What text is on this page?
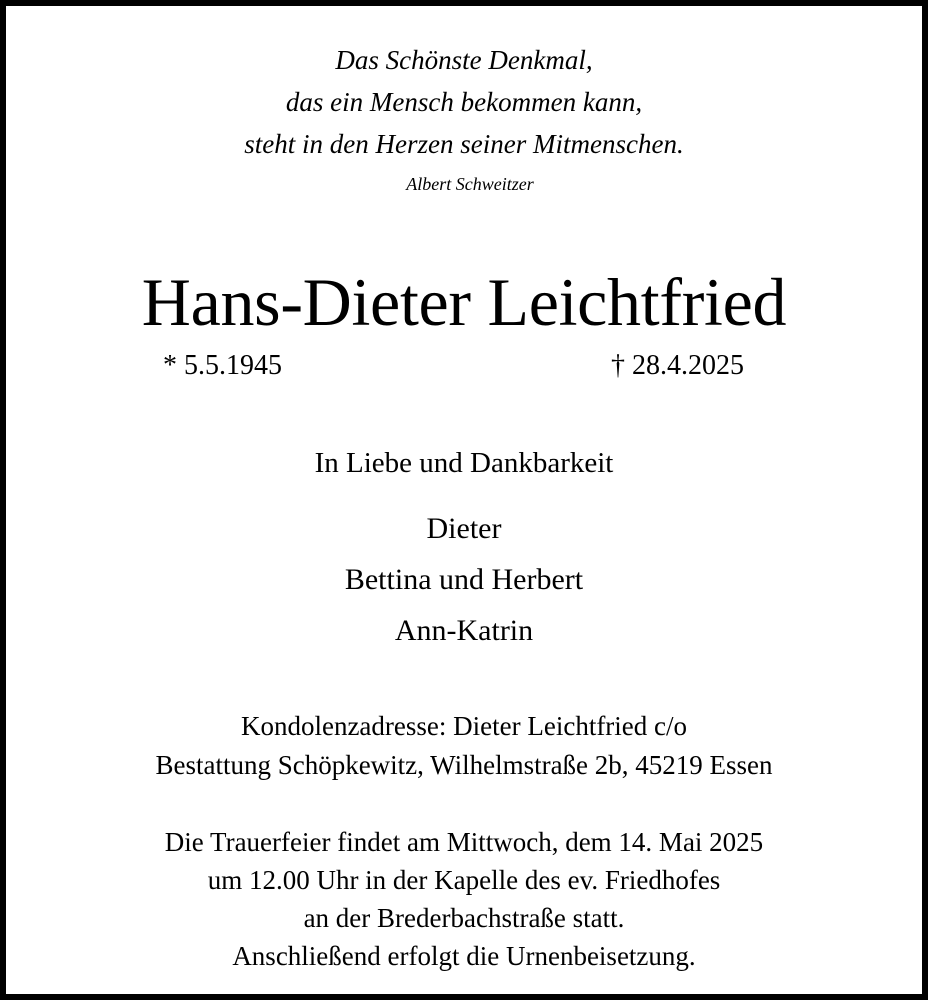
Das Schönste Denkmal,

das ein Mensch bekommen kann,

steht in den Herzen seiner Mitmenschen.

Albert Schweitzer

Hans-Dieter Leichtfried

* 5.5.1945	† 28.4.2025

In Liebe und Dankbarkeit

Dieter

Bettina und Herbert

Ann-Katrin

Kondolenzadresse: Dieter Leichtfried c/o

Bestattung Schöpkewitz, Wilhelmstraße 2b, 45219 Essen

Die Trauerfeier findet am Mittwoch, dem 14. Mai 2025

um 12.00 Uhr in der Kapelle des ev. Friedhofes

an der Brederbachstraße statt.

Anschließend erfolgt die Urnenbeisetzung.
